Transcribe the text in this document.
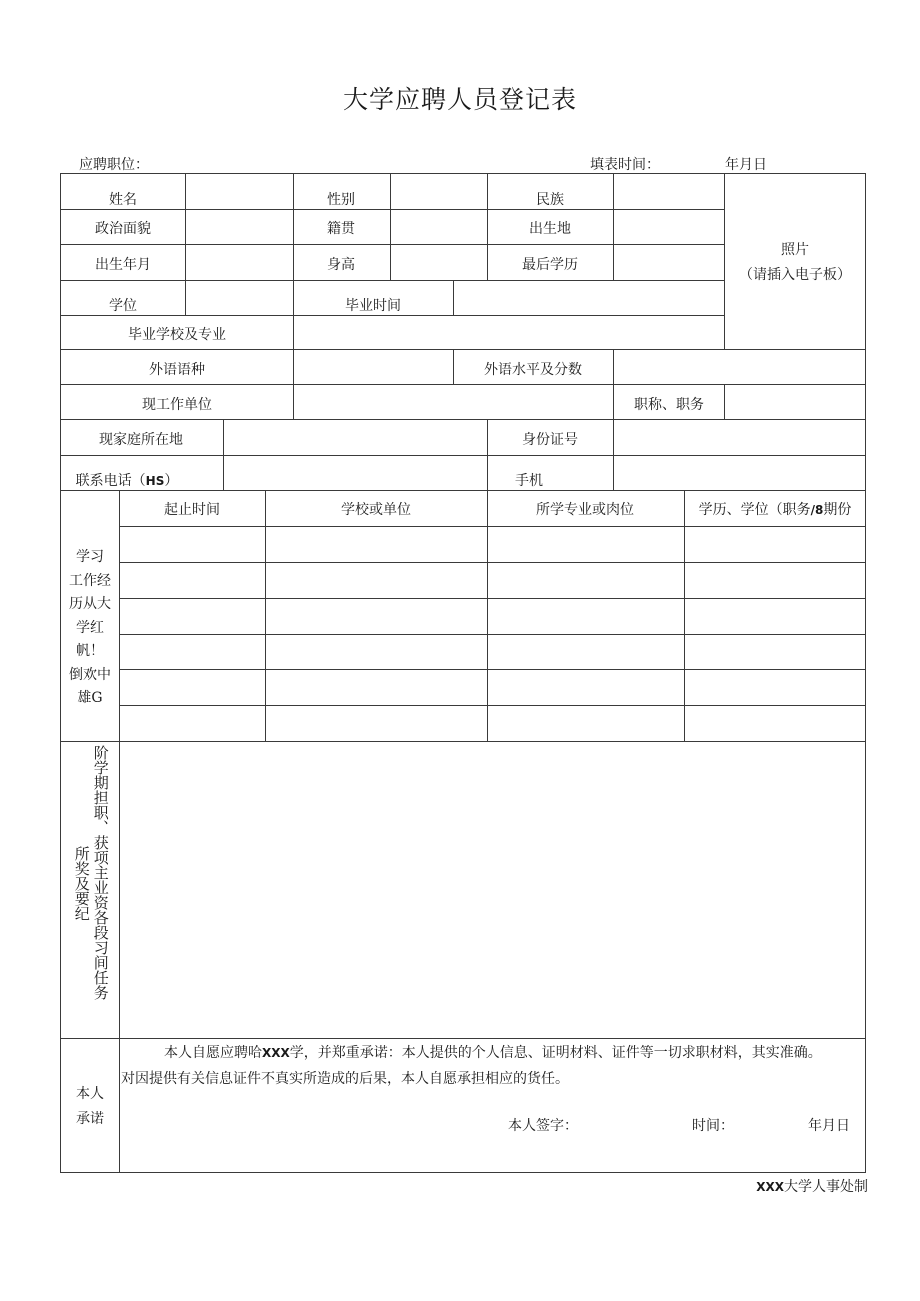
大学应聘人员登记表
应聘职位：	填表时间：	年月日
姓名	性别	民族
政治面貌	籍贯	出生地
出生年月	身高	最后学历
学位	毕业时间
毕业学校及专业
外语语种	外语水平及分数
现工作单位	职称、职务
现家庭所在地	身份证号
联系电话（HS）	手机
照片
（请插入电子板）
学习
工作经
历从大
学红帆！
倒欢中
雄G
起止时间	学校或单位	所学专业或肉位	学历、学位（职务/8期份
阶学期担职、获项主业资各段习间任务
所奖及要纪
本人
承诺
本人自愿应聘哈XXX学，并郑重承诺：本人提供的个人信息、证明材料、证件等一切求职材料，其实准确。
对因提供有关信息证件不真实所造成的后果，本人自愿承担相应的货任。
本人签字：	时间：	年月日
XXX大学人事处制
